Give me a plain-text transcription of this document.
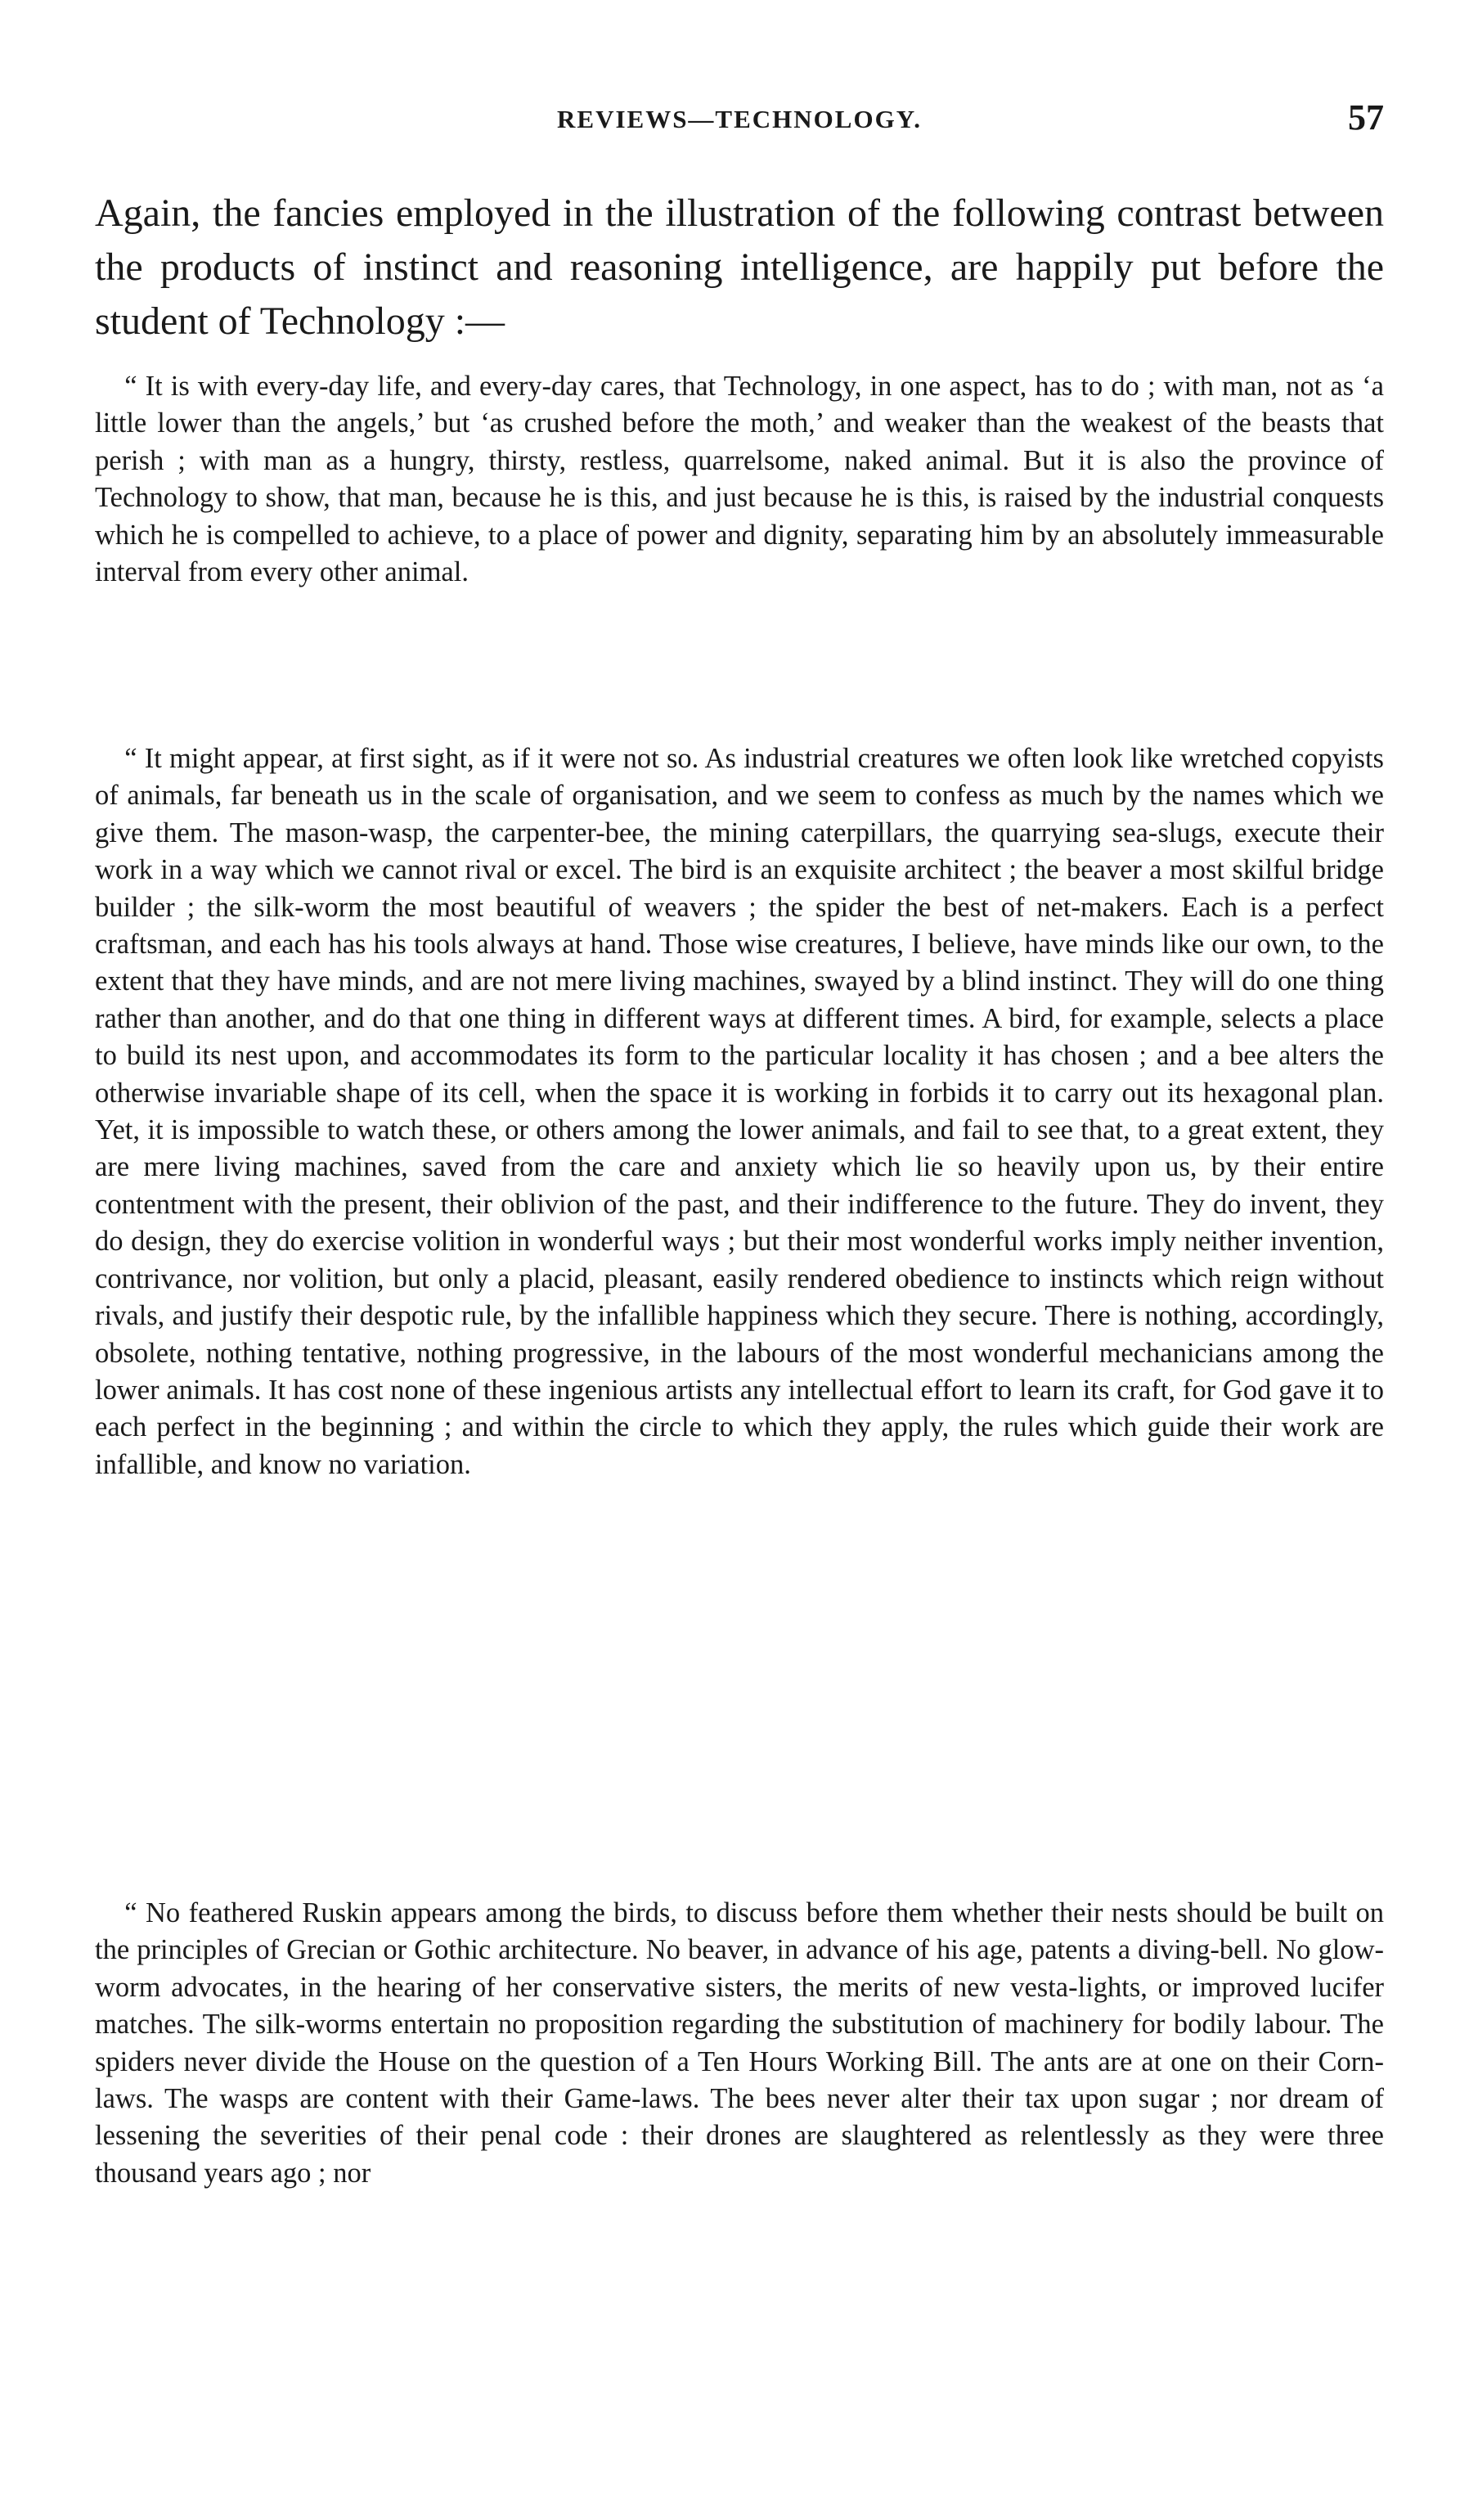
REVIEWS—TECHNOLOGY.	57

Again, the fancies employed in the illustration of the following contrast between the products of instinct and reasoning intelligence, are happily put before the student of Technology :—

“ It is with every-day life, and every-day cares, that Technology, in one aspect, has to do ; with man, not as ‘a little lower than the angels,’ but ‘as crushed before the moth,’ and weaker than the weakest of the beasts that perish ; with man as a hungry, thirsty, restless, quarrelsome, naked animal. But it is also the province of Technology to show, that man, because he is this, and just because he is this, is raised by the industrial conquests which he is compelled to achieve, to a place of power and dignity, separating him by an absolutely immeasurable interval from every other animal.

“ It might appear, at first sight, as if it were not so. As industrial creatures we often look like wretched copyists of animals, far beneath us in the scale of organisation, and we seem to confess as much by the names which we give them. The mason-wasp, the carpenter-bee, the mining caterpillars, the quarrying sea-slugs, execute their work in a way which we cannot rival or excel. The bird is an exquisite architect ; the beaver a most skilful bridge builder ; the silk-worm the most beautiful of weavers ; the spider the best of net-makers. Each is a perfect craftsman, and each has his tools always at hand. Those wise creatures, I believe, have minds like our own, to the extent that they have minds, and are not mere living machines, swayed by a blind instinct. They will do one thing rather than another, and do that one thing in different ways at different times. A bird, for example, selects a place to build its nest upon, and accommodates its form to the particular locality it has chosen ; and a bee alters the otherwise invariable shape of its cell, when the space it is working in forbids it to carry out its hexagonal plan. Yet, it is impossible to watch these, or others among the lower animals, and fail to see that, to a great extent, they are mere living machines, saved from the care and anxiety which lie so heavily upon us, by their entire contentment with the present, their oblivion of the past, and their indifference to the future. They do invent, they do design, they do exercise volition in wonderful ways ; but their most wonderful works imply neither invention, contrivance, nor volition, but only a placid, pleasant, easily rendered obedience to instincts which reign without rivals, and justify their despotic rule, by the infallible happiness which they secure. There is nothing, accordingly, obsolete, nothing tentative, nothing progressive, in the labours of the most wonderful mechanicians among the lower animals. It has cost none of these ingenious artists any intellectual effort to learn its craft, for God gave it to each perfect in the beginning ; and within the circle to which they apply, the rules which guide their work are infallible, and know no variation.

“ No feathered Ruskin appears among the birds, to discuss before them whether their nests should be built on the principles of Grecian or Gothic architecture. No beaver, in advance of his age, patents a diving-bell. No glow-worm advocates, in the hearing of her conservative sisters, the merits of new vesta-lights, or improved lucifer matches. The silk-worms entertain no proposition regarding the substitution of machinery for bodily labour. The spiders never divide the House on the question of a Ten Hours Working Bill. The ants are at one on their Corn-laws. The wasps are content with their Game-laws. The bees never alter their tax upon sugar ; nor dream of lessening the severities of their penal code : their drones are slaughtered as relentlessly as they were three thousand years ago ; nor
